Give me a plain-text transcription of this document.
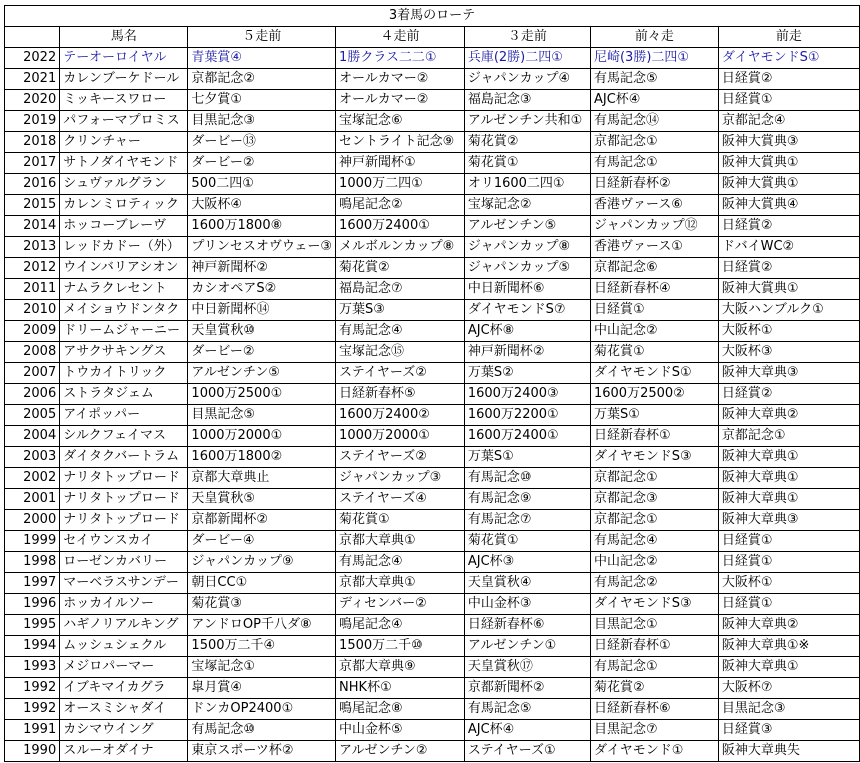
3着馬のローテ						
	馬名	５走前	４走前	３走前	前々走	前走
2022	テーオーロイヤル	青葉賞④	1勝クラス二二①	兵庫(2勝)二四①	尼崎(3勝)二四①	ダイヤモンドS①
2021	カレンブーケドール	京都記念②	オールカマー②	ジャパンカップ④	有馬記念⑤	日経賞②
2020	ミッキースワロー	七夕賞①	オールカマー②	福島記念③	AJC杯④	日経賞①
2019	パフォーマプロミス	目黒記念③	宝塚記念⑥	アルゼンチン共和①	有馬記念⑭	京都記念④
2018	クリンチャー	ダービー⑬	セントライト記念⑨	菊花賞②	京都記念①	阪神大賞典③
2017	サトノダイヤモンド	ダービー②	神戸新聞杯①	菊花賞①	有馬記念①	阪神大賞典①
2016	シュヴァルグラン	500二四①	1000万二四①	オリ1600二四①	日経新春杯②	阪神大賞典①
2015	カレンミロティック	大阪杯④	鳴尾記念②	宝塚記念②	香港ヴァース⑥	阪神大賞典④
2014	ホッコーブレーヴ	1600万1800⑧	1600万2400①	アルゼンチン⑤	ジャパンカップ⑫	日経賞②
2013	レッドカドー（外）	プリンセスオヴウェー③	メルボルンカップ⑧	ジャパンカップ⑧	香港ヴァース①	ドバイWC②
2012	ウインバリアシオン	神戸新聞杯②	菊花賞②	ジャパンカップ⑤	京都記念⑥	日経賞②
2011	ナムラクレセント	カシオペアS②	福島記念⑦	中日新聞杯⑥	日経新春杯④	阪神大賞典①
2010	メイショウドンタク	中日新聞杯⑭	万葉S③	ダイヤモンドS⑦	日経賞①	大阪ハンブルク①
2009	ドリームジャーニー	天皇賞秋⑩	有馬記念④	AJC杯⑧	中山記念②	大阪杯①
2008	アサクサキングス	ダービー②	宝塚記念⑮	神戸新聞杯②	菊花賞①	大阪杯③
2007	トウカイトリック	アルゼンチン⑤	ステイヤーズ②	万葉S②	ダイヤモンドS①	阪神大章典③
2006	ストラタジェム	1000万2500①	日経新春杯⑤	1600万2400③	1600万2500②	日経賞②
2005	アイポッパー	目黒記念⑤	1600万2400②	1600万2200①	万葉S①	阪神大章典②
2004	シルクフェイマス	1000万2000①	1000万2000①	1600万2400①	日経新春杯①	京都記念①
2003	ダイタクバートラム	1600万1800②	ステイヤーズ②	万葉S①	ダイヤモンドS③	阪神大章典①
2002	ナリタトップロード	京都大章典止	ジャパンカップ③	有馬記念⑩	京都記念①	阪神大章典①
2001	ナリタトップロード	天皇賞秋⑤	ステイヤーズ④	有馬記念⑨	京都記念③	阪神大章典①
2000	ナリタトップロード	京都新聞杯②	菊花賞①	有馬記念⑦	京都記念①	阪神大章典③
1999	セイウンスカイ	ダービー④	京都大章典①	菊花賞①	有馬記念④	日経賞①
1998	ローゼンカバリー	ジャパンカップ⑨	有馬記念④	AJC杯③	中山記念②	日経賞①
1997	マーベラスサンデー	朝日CC①	京都大章典①	天皇賞秋④	有馬記念②	大阪杯①
1996	ホッカイルソー	菊花賞③	ディセンバー②	中山金杯③	ダイヤモンドS③	日経賞①
1995	ハギノリアルキング	アンドロOP千八ダ⑧	鳴尾記念④	日経新春杯⑥	目黒記念①	阪神大章典②
1994	ムッシュシェクル	1500万二千④	1500万二千⑩	アルゼンチン①	日経新春杯①	阪神大章典①※
1993	メジロパーマー	宝塚記念①	京都大章典⑨	天皇賞秋⑰	有馬記念①	阪神大章典①
1992	イブキマイカグラ	皐月賞④	NHK杯①	京都新聞杯②	菊花賞②	大阪杯⑦
1992	オースミシャダイ	ドンカOP2400①	鳴尾記念⑧	有馬記念⑤	日経新春杯⑥	目黒記念③
1991	カシマウイング	有馬記念⑩	中山金杯⑤	AJC杯④	目黒記念⑦	日経賞③
1990	スルーオダイナ	東京スポーツ杯②	アルゼンチン②	ステイヤーズ①	ダイヤモンド①	阪神大章典失
